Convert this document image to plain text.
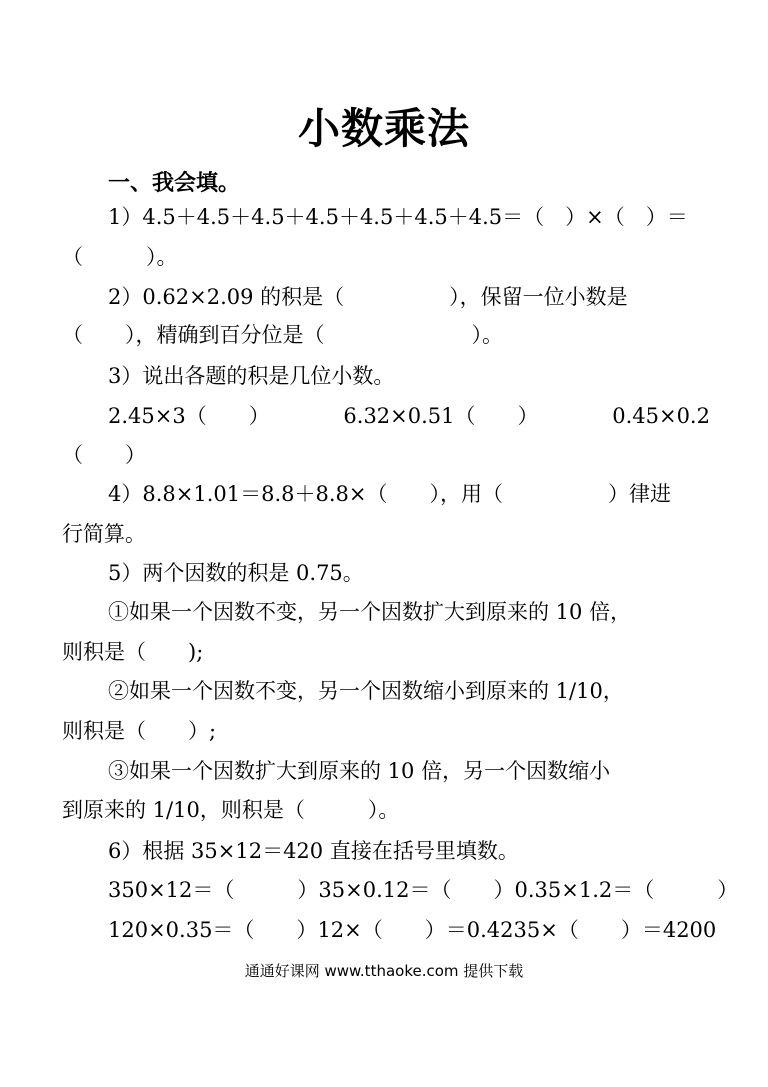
小数乘法
一、我会填。
1）4.5＋4.5＋4.5＋4.5＋4.5＋4.5＋4.5＝（　）×（　）＝
（　　　）。
2）0.62×2.09 的积是（　　　　　），保留一位小数是
（　　），精确到百分位是（　　　　　　　）。
3）说出各题的积是几位小数。
2.45×3（　　）	6.32×0.51（　　）	0.45×0.2
（　　）
4）8.8×1.01＝8.8＋8.8×（　　），用（　　　　　）律进
行简算。
5）两个因数的积是 0.75。
①如果一个因数不变，另一个因数扩大到原来的 10 倍，
则积是（　　);
②如果一个因数不变，另一个因数缩小到原来的 1/10，
则积是（　　）;
③如果一个因数扩大到原来的 10 倍，另一个因数缩小
到原来的 1/10，则积是（　　　）。
6）根据 35×12＝420 直接在括号里填数。
350×12＝（　　　） 35×0.12＝（　　） 0.35×1.2＝（　　　）
120×0.35＝（　　） 12×（　　）＝0.42 35×（　　）＝4200
通通好课网 www.tthaoke.com 提供下载
